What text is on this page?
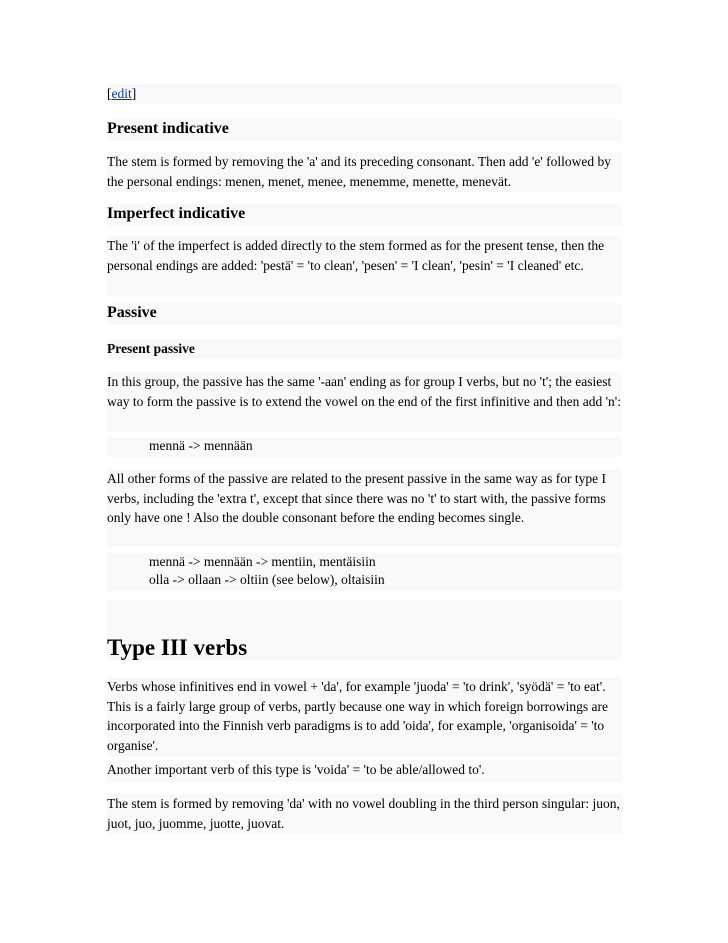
[edit]

Present indicative

The stem is formed by removing the 'a' and its preceding consonant. Then add 'e' followed by the personal endings: menen, menet, menee, menemme, menette, menevät.

Imperfect indicative

The 'i' of the imperfect is added directly to the stem formed as for the present tense, then the personal endings are added: 'pestä' = 'to clean', 'pesen' = 'I clean', 'pesin' = 'I cleaned' etc.

Passive
Present passive

In this group, the passive has the same '-aan' ending as for group I verbs, but no 't'; the easiest way to form the passive is to extend the vowel on the end of the first infinitive and then add 'n':

mennä -> mennään

All other forms of the passive are related to the present passive in the same way as for type I verbs, including the 'extra t', except that since there was no 't' to start with, the passive forms only have one ! Also the double consonant before the ending becomes single.

mennä -> mennään -> mentiin, mentäisiin
olla -> ollaan -> oltiin (see below), oltaisiin
Type III verbs

Verbs whose infinitives end in vowel + 'da', for example 'juoda' = 'to drink', 'syödä' = 'to eat'. This is a fairly large group of verbs, partly because one way in which foreign borrowings are incorporated into the Finnish verb paradigms is to add 'oida', for example, 'organisoida' = 'to organise'.

Another important verb of this type is 'voida' = 'to be able/allowed to'.

The stem is formed by removing 'da' with no vowel doubling in the third person singular: juon, juot, juo, juomme, juotte, juovat.
